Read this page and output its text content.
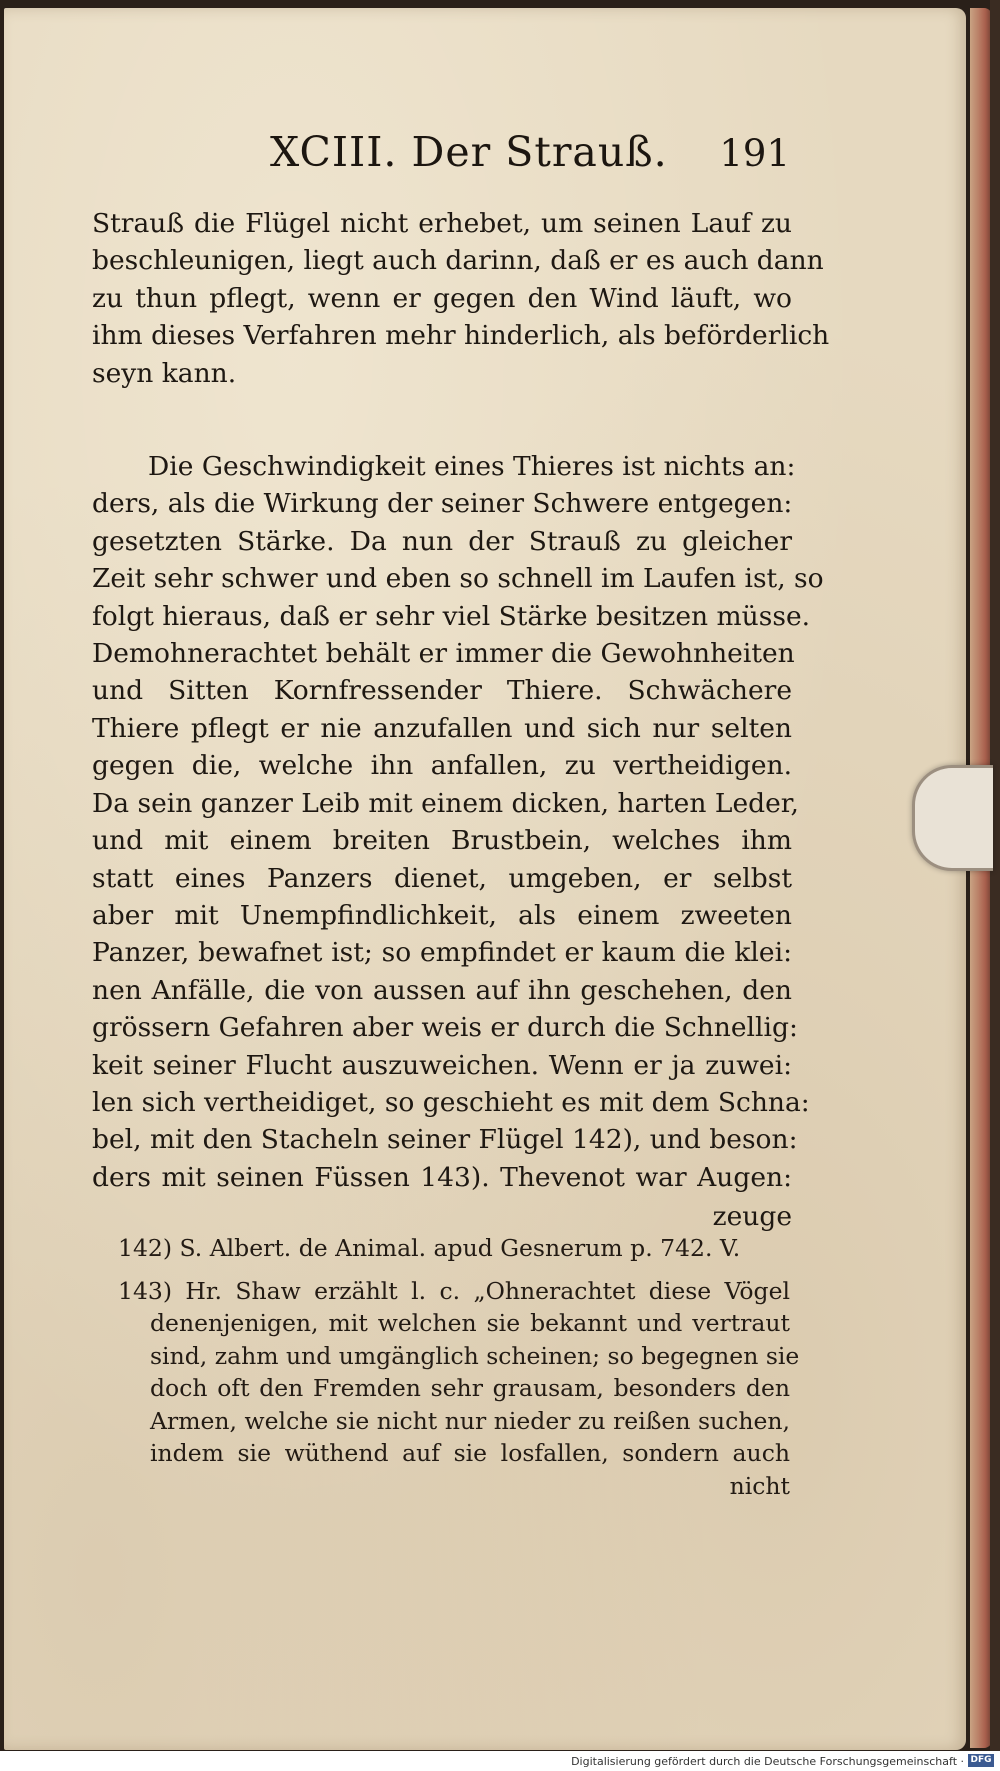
XCIII. Der Strauß. 191
Strauß die Flügel nicht erhebet, um seinen Lauf zu
beschleunigen, liegt auch darinn, daß er es auch dann
zu thun pflegt, wenn er gegen den Wind läuft, wo
ihm dieses Verfahren mehr hinderlich, als beförderlich
seyn kann.
Die Geschwindigkeit eines Thieres ist nichts an:
ders, als die Wirkung der seiner Schwere entgegen:
gesetzten Stärke. Da nun der Strauß zu gleicher
Zeit sehr schwer und eben so schnell im Laufen ist, so
folgt hieraus, daß er sehr viel Stärke besitzen müsse.
Demohnerachtet behält er immer die Gewohnheiten
und Sitten Kornfressender Thiere. Schwächere
Thiere pflegt er nie anzufallen und sich nur selten
gegen die, welche ihn anfallen, zu vertheidigen.
Da sein ganzer Leib mit einem dicken, harten Leder,
und mit einem breiten Brustbein, welches ihm
statt eines Panzers dienet, umgeben, er selbst
aber mit Unempfindlichkeit, als einem zweeten
Panzer, bewafnet ist; so empfindet er kaum die klei:
nen Anfälle, die von aussen auf ihn geschehen, den
grössern Gefahren aber weis er durch die Schnellig:
keit seiner Flucht auszuweichen. Wenn er ja zuwei:
len sich vertheidiget, so geschieht es mit dem Schna:
bel, mit den Stacheln seiner Flügel 142), und beson:
ders mit seinen Füssen 143). Thevenot war Augen:
zeuge
142) S. Albert. de Animal. apud Gesnerum p. 742. V.
143) Hr. Shaw erzählt l. c. „Ohnerachtet diese Vögel
denenjenigen, mit welchen sie bekannt und vertraut
sind, zahm und umgänglich scheinen; so begegnen sie
doch oft den Fremden sehr grausam, besonders den
Armen, welche sie nicht nur nieder zu reißen suchen,
indem sie wüthend auf sie losfallen, sondern auch
nicht
Digitalisierung gefördert durch die Deutsche Forschungsgemeinschaft · DFG
